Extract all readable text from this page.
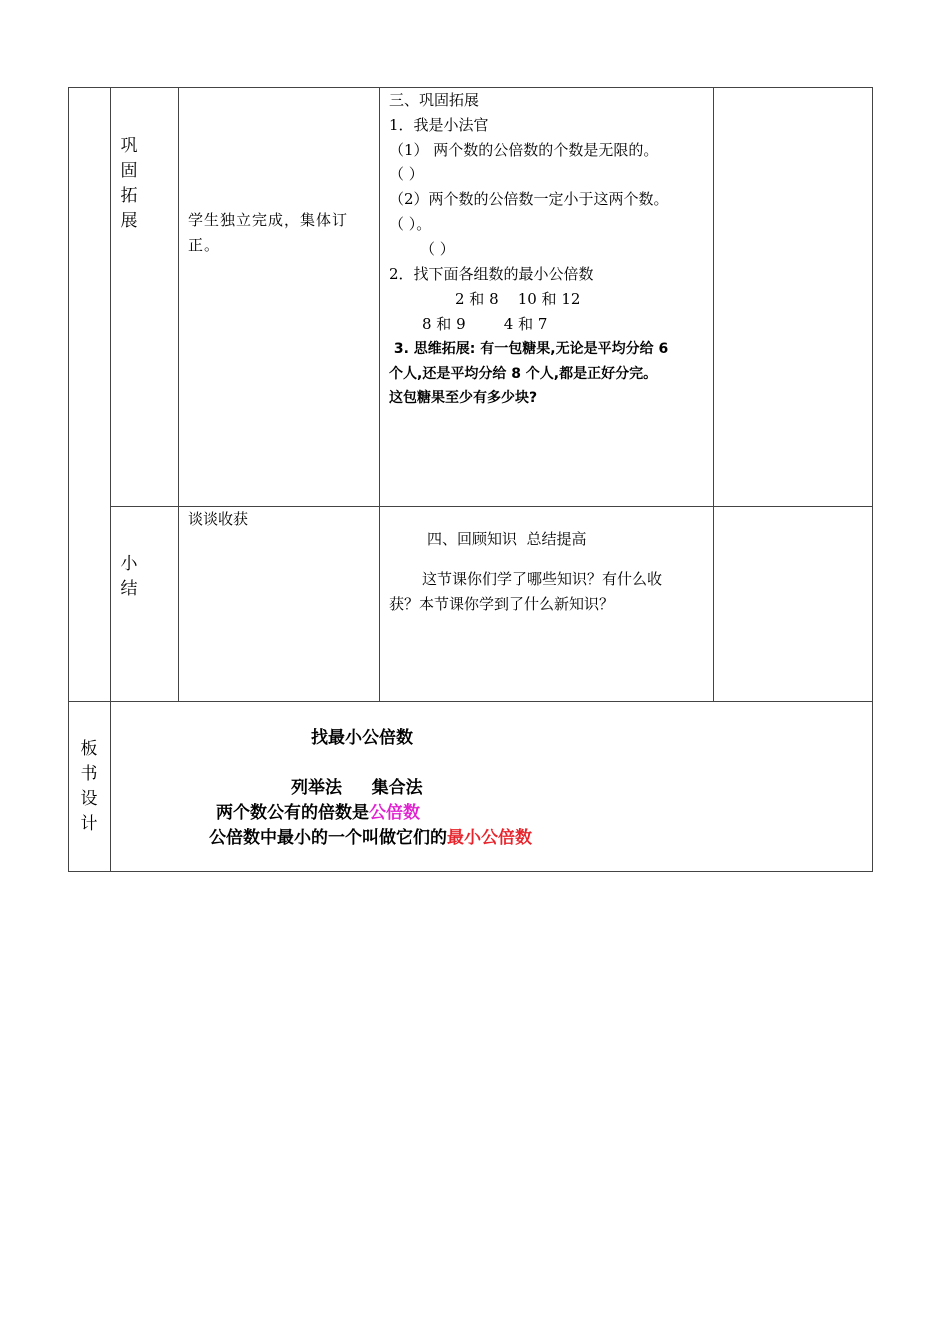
巩
固
拓
展	学生独立完成，集体订
正。
三、巩固拓展
1．我是小法官
（1） 两个数的公倍数的个数是无限的。
（ ）
（2）两个数的公倍数一定小于这两个数。
（ ）。
（ ）
2．找下面各组数的最小公倍数
2 和 8    10 和 12
8 和 9        4 和 7
3. 思维拓展: 有一包糖果,无论是平均分给 6
个人,还是平均分给 8 个人,都是正好分完。
这包糖果至少有多少块?
小
结
谈谈收获
四、回顾知识  总结提高
这节课你们学了哪些知识？有什么收
获？本节课你学到了什么新知识？
板
书
设
计
找最小公倍数
列举法     集合法
两个数公有的倍数是公倍数
公倍数中最小的一个叫做它们的最小公倍数
